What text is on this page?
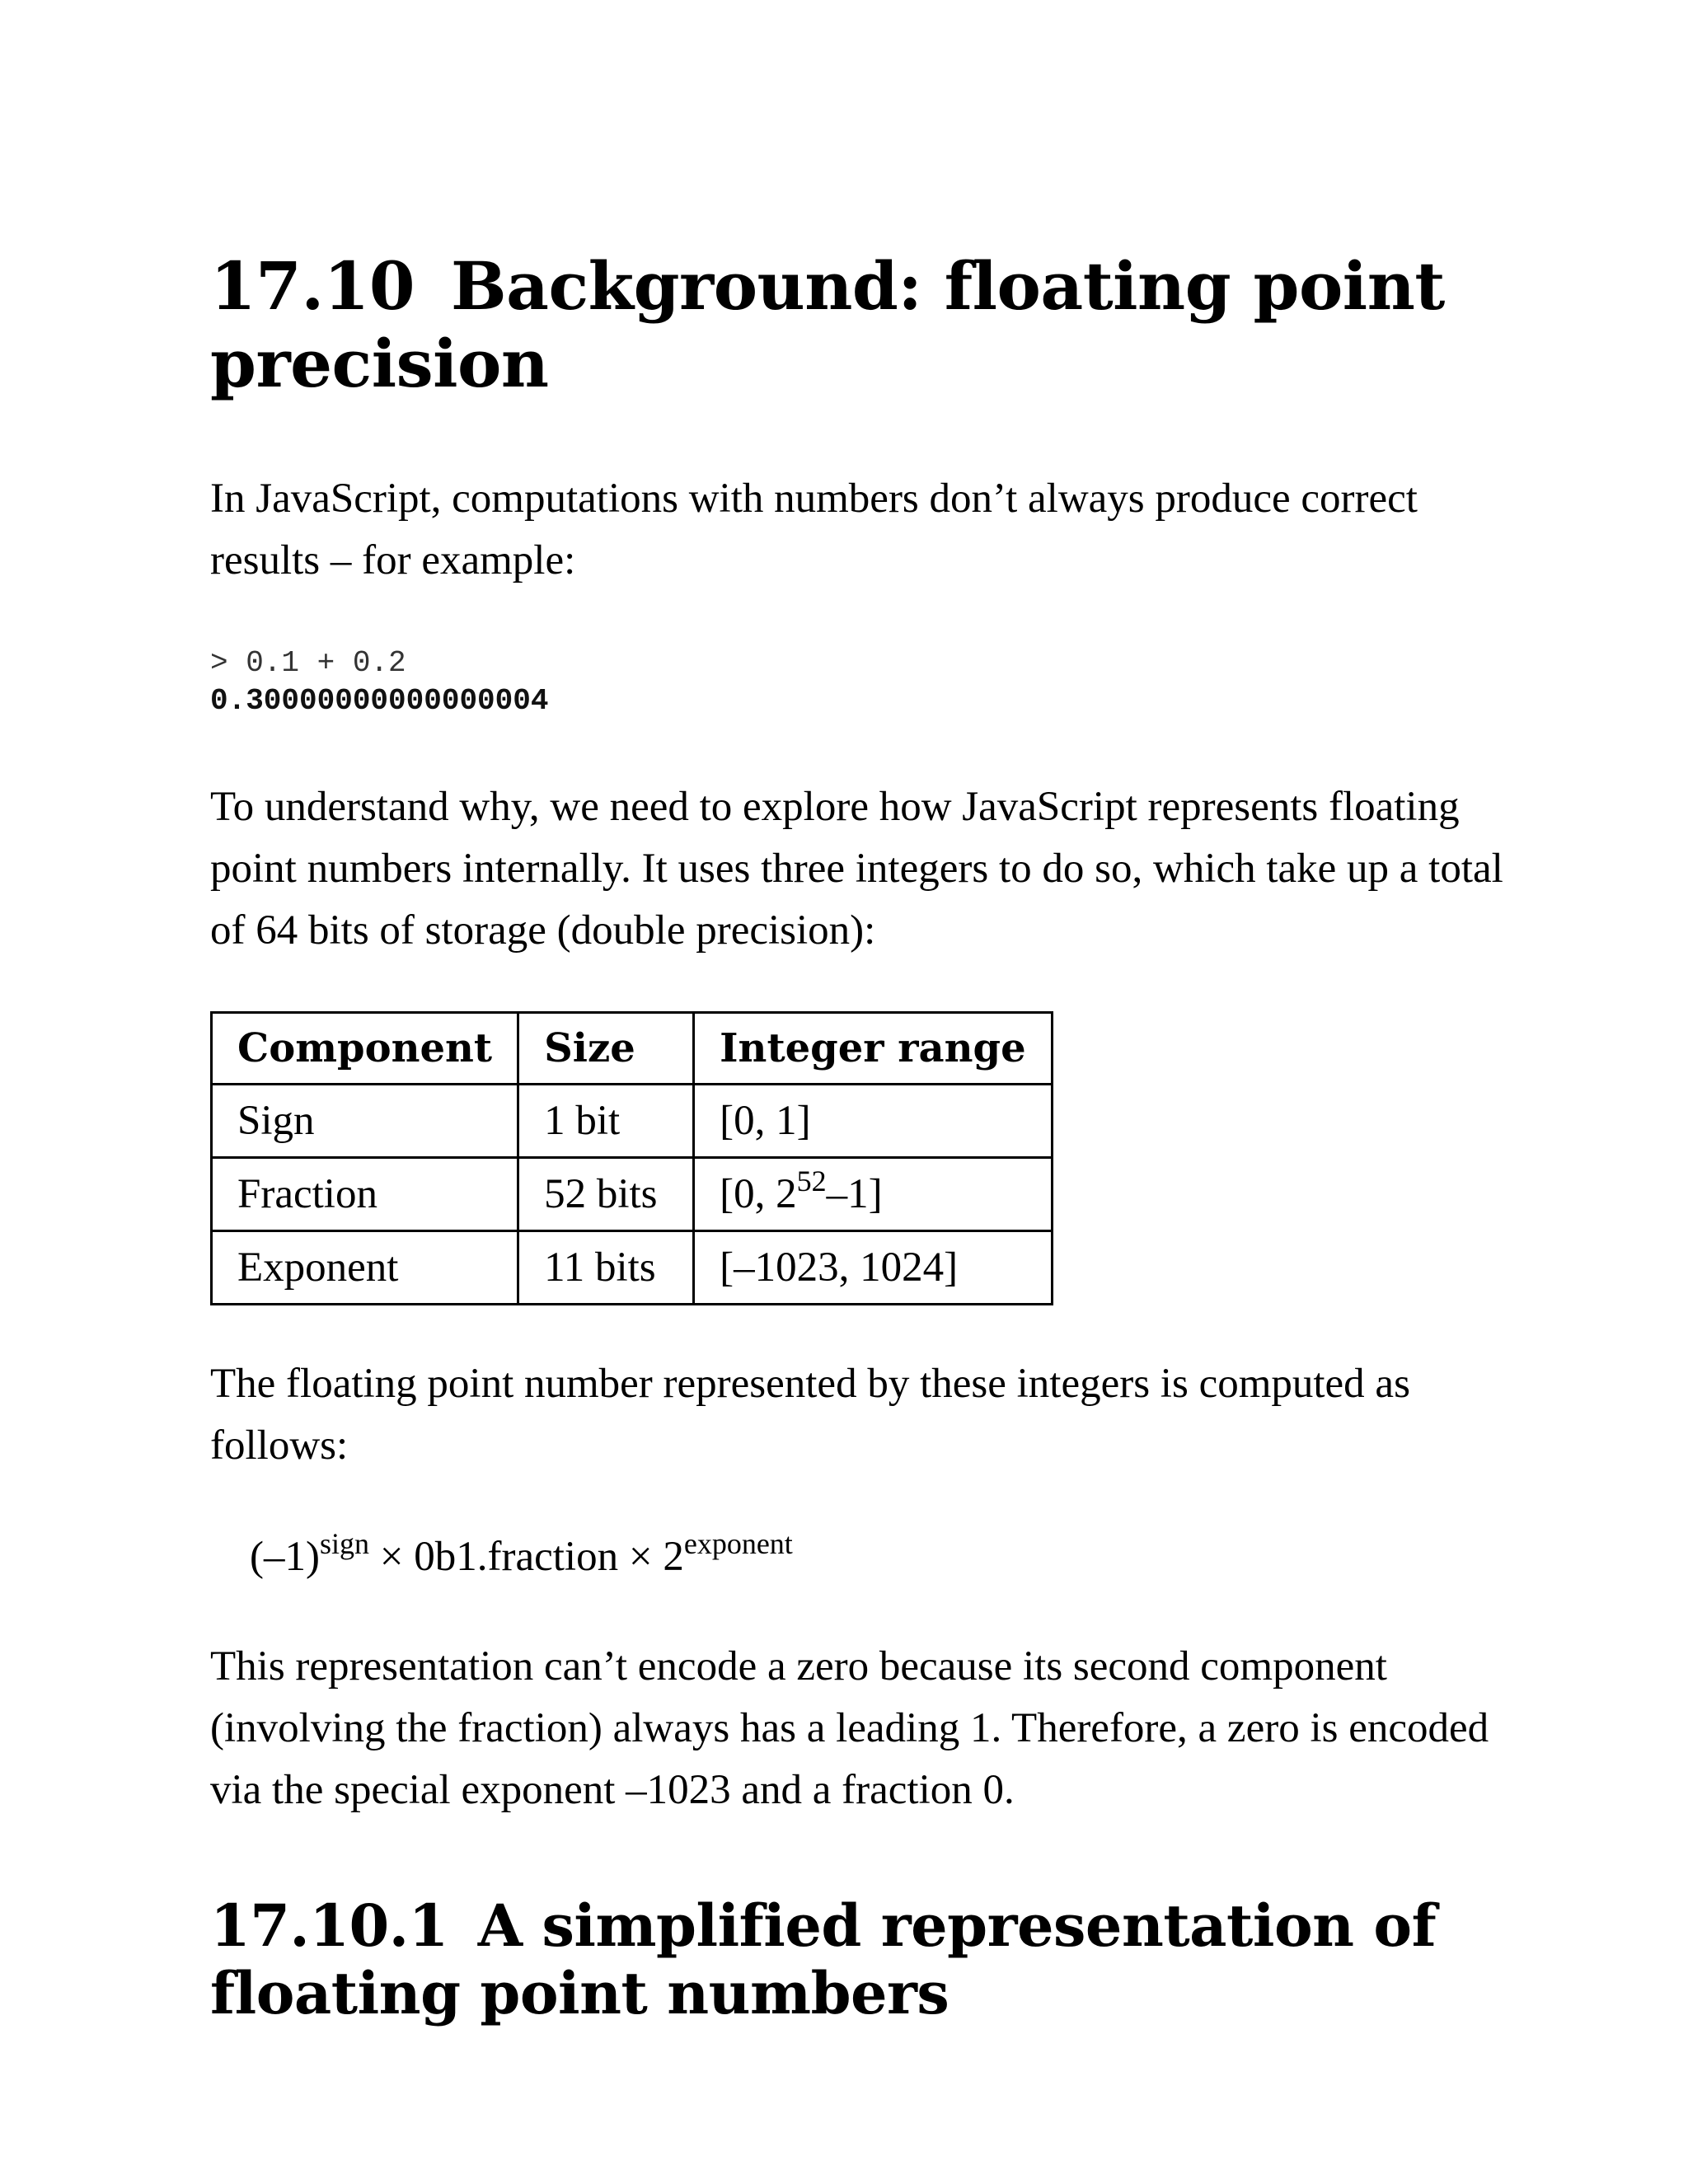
17.10 Background: floating point precision

In JavaScript, computations with numbers don’t always produce correct results – for example:

> 0.1 + 0.2
0.30000000000000004

To understand why, we need to explore how JavaScript represents floating point numbers internally. It uses three integers to do so, which take up a total of 64 bits of storage (double precision):

Component	Size	Integer range
Sign	1 bit	[0, 1]
Fraction	52 bits	[0, $2^{52}-1$]
Exponent	11 bits	[–1023, 1024]

The floating point number represented by these integers is computed as follows:

$(-1)^{sign}$ × 0b1.fraction × $2^{exponent}$

This representation can’t encode a zero because its second component (involving the fraction) always has a leading 1. Therefore, a zero is encoded via the special exponent –1023 and a fraction 0.

17.10.1 A simplified representation of floating point numbers
